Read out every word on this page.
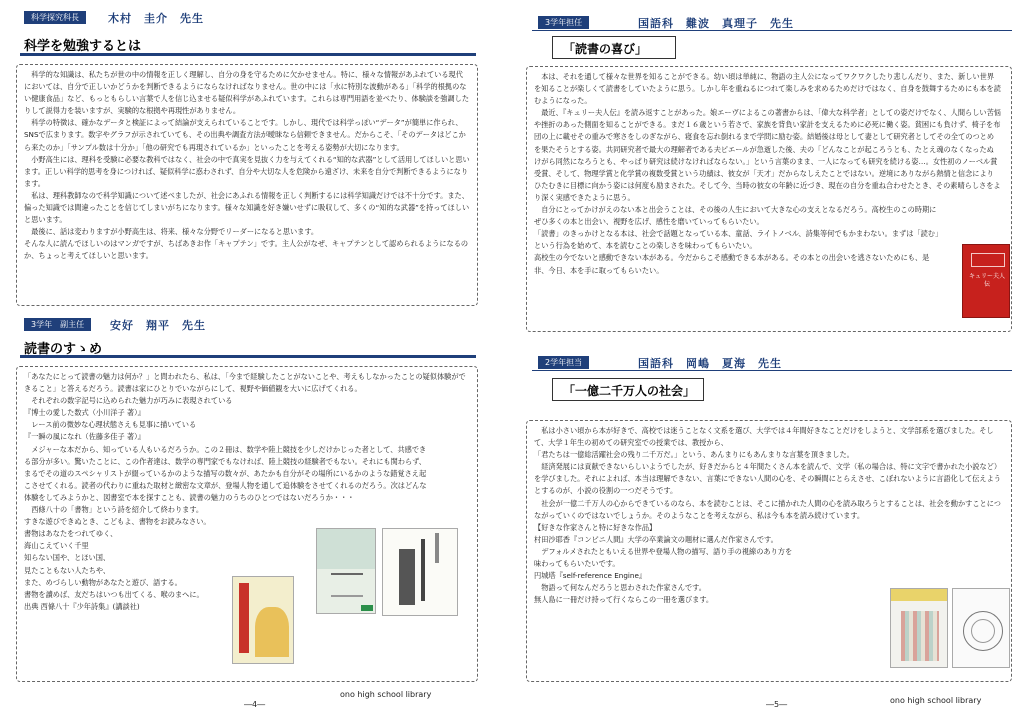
科学探究科長	木村　圭介　先生
科学を勉強するとは

　科学的な知識は、私たちが世の中の情報を正しく理解し、自分の身を守るために欠かせません。特に、様々な情報があふれている現代においては、自分で正しいかどうかを判断できるようにならなければなりません。世の中には「水に特別な波動がある」「科学的根拠のない健康食品」など、もっともらしい言葉で人を信じ込ませる疑似科学があふれています。これらは専門用語を並べたり、体験談を強調したりして説得力を装いますが、実験的な根拠や再現性がありません。

　科学の特徴は、確かなデータと検証によって結論が支えられていることです。しかし、現代では科学っぽい“データ”が簡単に作られ、SNSで広まります。数字やグラフが示されていても、その出典や調査方法が曖昧なら信頼できません。だからこそ、「そのデータはどこから来たのか」「サンプル数は十分か」「他の研究でも再現されているか」といったことを考える姿勢が大切になります。

　小野高生には、理科を受験に必要な教科ではなく、社会の中で真実を見抜く力を与えてくれる“知的な武器”として活用してほしいと思います。正しい科学的思考を身につければ、疑似科学に惑わされず、自分や大切な人を危険から遠ざけ、未来を自分で判断できるようになります。

　私は、理科教師なので科学知識について述べましたが、社会にあふれる情報を正しく判断するには科学知識だけでは不十分です。また、偏った知識では間違ったことを信じてしまいがちになります。様々な知識を好き嫌いせずに吸収して、多くの“知的な武器”を持ってほしいと思います。

　最後に、話は変わりますが小野高生は、将来、様々な分野でリーダーになると思います。

そんな人に読んでほしいのはマンガですが、ちばあきお作「キャプテン」です。主人公がなぜ、キャプテンとして認められるようになるのか、ちょっと考えてほしいと思います。

3学年　副主任	安好　翔平　先生
読書のすゝめ

「あなたにとって読書の魅力は何か？」と問われたら、私は、「今まで経験したことがないことや、考えもしなかったことの疑似体験ができること」と答えるだろう。読書は家にひとりでいながらにして、視野や価値観を大いに広げてくれる。

　それぞれの数字記号に込められた魅力が巧みに表現されている

『博士の愛した数式（小川洋子 著）』

　レース前の微妙な心理状態さえも見事に描いている

『一瞬の風になれ（佐藤多佳子 著）』

　メジャーな本だから、知っている人もいるだろうか。この２冊は、数学や陸上競技を少しだけかじった者として、共感できる部分が多い。驚いたことに、この作者達は、数学の専門家でもなければ、陸上競技の経験者でもない。それにも関わらず、まるでその道のスペシャリストが綴っているかのような描写の数々が、あたかも自分がその場所にいるかのような錯覚さえ起こさせてくれる。読者の代わりに重ねた取材と緻密な文章が、登場人物を通して追体験をさせてくれるのだろう。次はどんな体験をしてみようかと、図書室で本を探すことも、読書の魅力のうちのひとつではないだろうか・・・

　西條八十の「書物」という詩を紹介して終わります。

すきな遊びできぬとき、こどもよ、書物をお読みなさい。

書物はあなたをつれてゆく、

海山こえていく千里

知らない国や、とほい国、

見たこともない人たちや、

また、めづらしい動物があなたと遊び、語する。

書物を讀めば、友だちはいつも出てくる、喉のまへに。

出典 西條八十『少年詩集』(講談社)

―4―
ono high school library
3学年担任	国語科　難波　真理子　先生
「読書の喜び」

　本は、それを通して様々な世界を知ることができる。幼い頃は単純に、物語の主人公になってワクワクしたり悲しんだり、また、新しい世界を知ることが楽しくて読書をしていたように思う。しかし年を重ねるにつれて楽しみを求めるためだけではなく、自身を鼓舞するためにも本を読むようになった。

　最近、『キュリー夫人伝』を読み返すことがあった。娘エーヴによるこの著書からは、「偉大な科学者」としての姿だけでなく、人間らしい苦悩や挫折のあった側面を知ることができる。まだ１６歳という若さで、家族を背負い家計を支えるために必死に働く姿。貧困にも負けず、椅子を布団の上に載せその重みで寒さをしのぎながら、寝食を忘れ倒れるまで学問に励む姿。結婚後は母として妻として研究者としてその全てのつとめを果たそうとする姿。共同研究者で最大の理解者である夫ピエールが急逝した後、夫の「どんなことが起ころうとも、たとえ魂のなくなったぬけがら同然になろうとも、やっぱり研究は続けなければならない。」という言葉のまま、一人になっても研究を続ける姿…。女性初のノーベル賞受賞、そして、物理学賞と化学賞の複数受賞という功績は、彼女が「天才」だからなしえたことではない。逆境にありながら熱情と信念によりひたむきに目標に向かう姿には何度も励まされた。そして今、当時の彼女の年齢に近づき、現在の自分を重ね合わせたとき、その素晴らしさをより深く実感できたように思う。

　自分にとってかけがえのない本と出会うことは、その後の人生において大きな心の支えとなるだろう。高校生のこの時期にぜひ多くの本と出会い、視野を広げ、感性を磨いていってもらいたい。

「読書」のきっかけとなる本は、社会で話題となっている本、童話、ライトノベル、詩集等何でもかまわない。まずは「読む」という行為を始めて、本を読むことの楽しさを味わってもらいたい。

高校生の今でないと感動できない本がある。今だからこそ感動できる本がある。その本との出会いを逃さないためにも、是非、今日、本を手に取ってもらいたい。

キュリー夫人伝
2学年担当	国語科　岡嶋　夏海　先生
「一億二千万人の社会」

　私は小さい頃から本が好きで、高校では迷うことなく文系を選び、大学では４年間好きなことだけをしようと、文学部系を選びました。そして、大学１年生の初めての研究室での授業では、教授から、

「君たちは一億総活躍社会の残り二千万だ。」という、あんまりにもあんまりな言葉を頂きました。

　経済発展には貢献できないらしいようでしたが、好きだからと４年間たくさん本を読んで、文学（私の場合は、特に文字で書かれた小説など）を学びました。それによれば、本当は理解できない、言葉にできない人間の心を、その瞬間にとらえさせ、こぼれないように言語化して伝えようとするのが、小説の役割の一つだそうです。

　社会が一億二千万人の心からできているのなら、本を読むことは、そこに描かれた人間の心を読み取ろうとすることは、社会を動かすことにつながっていくのではないでしょうか。そのようなことを考えながら、私は今も本を読み続けています。

【好きな作家さんと特に好きな作品】

村田沙耶香『コンビニ人間』大学の卒業論文の題材に選んだ作家さんです。

　デフォルメされたともいえる世界や登場人物の描写、語り手の視線のあり方を

味わってもらいたいです。

円城塔『self-reference Engine』

　物語って何なんだろうと思わされた作家さんです。

無人島に一冊だけ持って行くならこの一冊を選びます。

―5―	ono high school library
